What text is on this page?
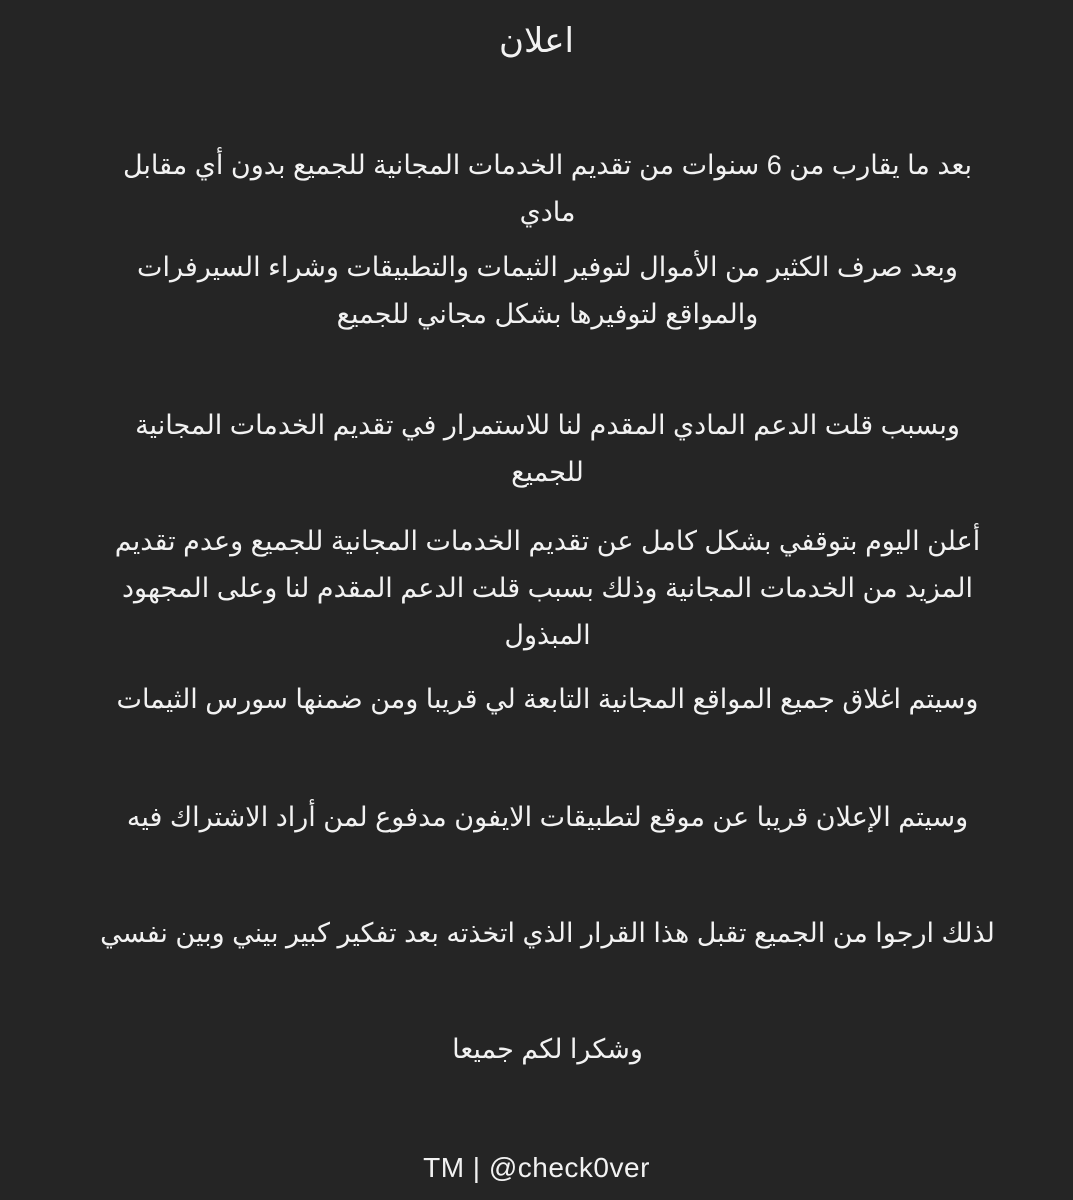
اعلان

بعد ما يقارب من 6 سنوات من تقديم الخدمات المجانية للجميع بدون أي مقابل مادي

وبعد صرف الكثير من الأموال لتوفير الثيمات والتطبيقات وشراء السيرفرات والمواقع لتوفيرها بشكل مجاني للجميع

وبسبب قلت الدعم المادي المقدم لنا للاستمرار في تقديم الخدمات المجانية للجميع

أعلن اليوم بتوقفي بشكل كامل عن تقديم الخدمات المجانية للجميع وعدم تقديم المزيد من الخدمات المجانية وذلك بسبب قلت الدعم المقدم لنا وعلى المجهود المبذول

وسيتم اغلاق جميع المواقع المجانية التابعة لي قريبا ومن ضمنها سورس الثيمات

وسيتم الإعلان قريبا عن موقع لتطبيقات الايفون مدفوع لمن أراد الاشتراك فيه

لذلك ارجوا من الجميع تقبل هذا القرار الذي اتخذته بعد تفكير كبير بيني وبين نفسي

وشكرا لكم جميعا

TM | @check0ver
